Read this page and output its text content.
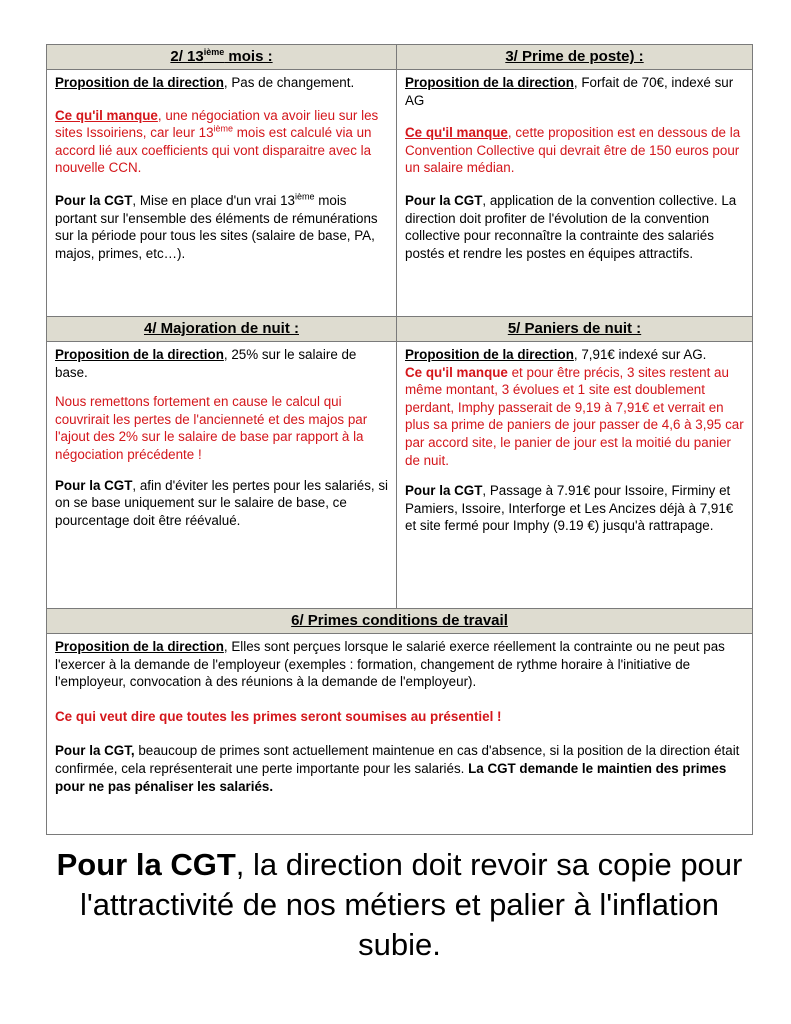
2/ 13ième mois :	3/ Prime de poste) :

Proposition de la direction, Pas de changement.

Ce qu'il manque, une négociation va avoir lieu sur les sites Issoiriens, car leur 13ième mois est calculé via un accord lié aux coefficients qui vont disparaitre avec la nouvelle CCN.

Pour la CGT, Mise en place d'un vrai 13ième mois portant sur l'ensemble des éléments de rémunérations sur la période pour tous les sites (salaire de base, PA, majos, primes, etc…).

Proposition de la direction, Forfait de 70€, indexé sur AG

Ce qu'il manque, cette proposition est en dessous de la Convention Collective qui devrait être de 150 euros pour un salaire médian.

Pour la CGT, application de la convention collective. La direction doit profiter de l'évolution de la convention collective pour reconnaître la contrainte des salariés postés et rendre les postes en équipes attractifs.

4/ Majoration de nuit :	5/ Paniers de nuit :

Proposition de la direction, 25% sur le salaire de base.

Nous remettons fortement en cause le calcul qui couvrirait les pertes de l'ancienneté et des majos par l'ajout des 2% sur le salaire de base par rapport à la négociation précédente !

Pour la CGT, afin d'éviter les pertes pour les salariés, si on se base uniquement sur le salaire de base, ce pourcentage doit être réévalué.

Proposition de la direction, 7,91€ indexé sur AG.

Ce qu'il manque et pour être précis, 3 sites restent au même montant, 3 évolues et 1 site est doublement perdant, Imphy passerait de 9,19 à 7,91€ et verrait en plus sa prime de paniers de jour passer de 4,6 à 3,95 car par accord site, le panier de jour est la moitié du panier de nuit.

Pour la CGT, Passage à 7.91€ pour Issoire, Firminy et Pamiers, Issoire, Interforge et Les Ancizes déjà à 7,91€ et site fermé pour Imphy (9.19 €) jusqu'à rattrapage.

6/ Primes conditions de travail

Proposition de la direction, Elles sont perçues lorsque le salarié exerce réellement la contrainte ou ne peut pas l'exercer à la demande de l'employeur (exemples : formation, changement de rythme horaire à l'initiative de l'employeur, convocation à des réunions à la demande de l'employeur).

Ce qui veut dire que toutes les primes seront soumises au présentiel !

Pour la CGT, beaucoup de primes sont actuellement maintenue en cas d'absence, si la position de la direction était confirmée, cela représenterait une perte importante pour les salariés. La CGT demande le maintien des primes pour ne pas pénaliser les salariés.

Pour la CGT, la direction doit revoir sa copie pour l'attractivité de nos métiers et palier à l'inflation subie.
